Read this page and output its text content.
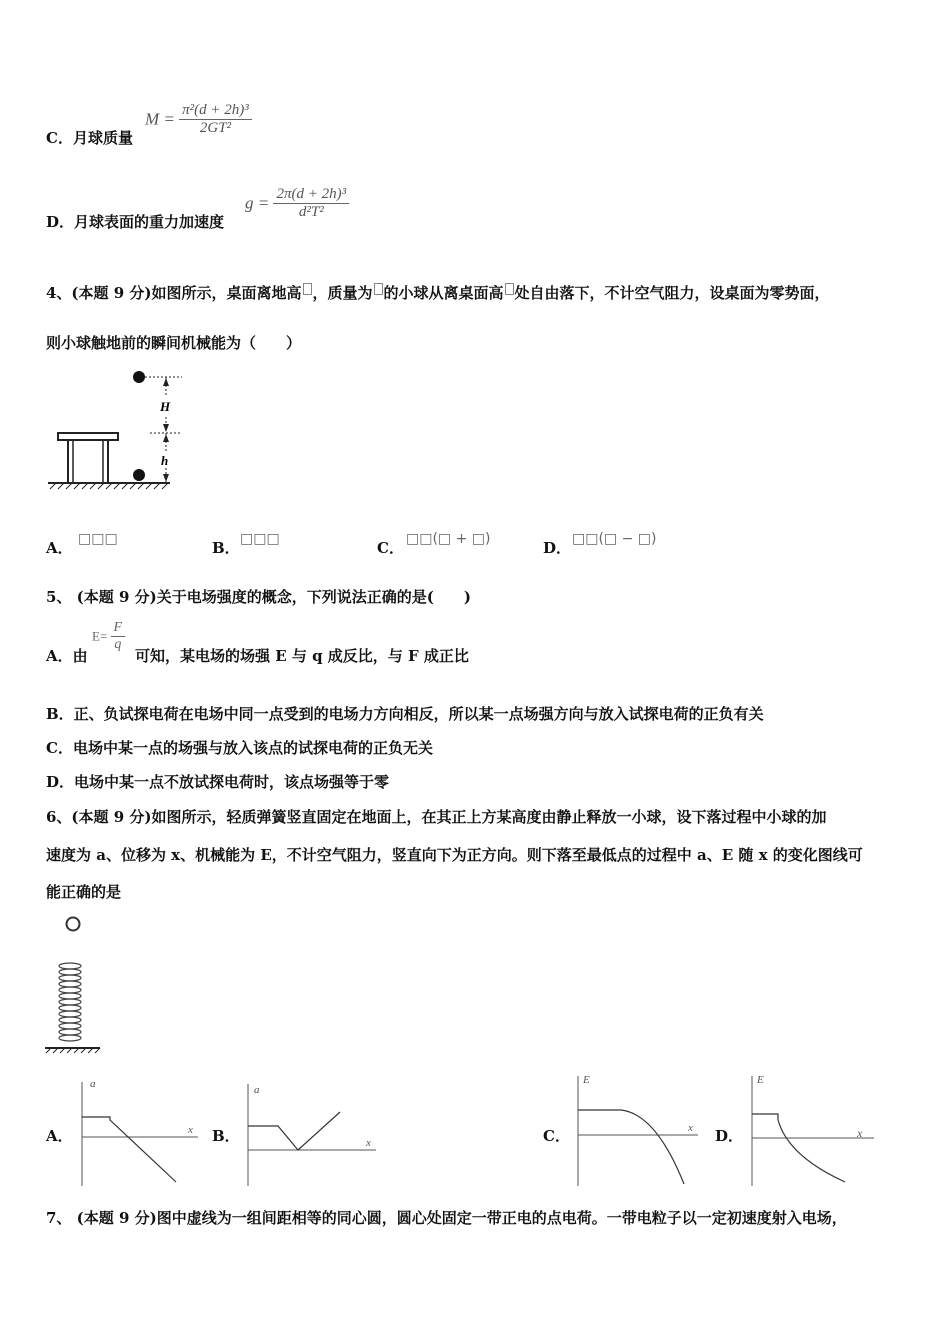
C．月球质量
$M = \frac{\text{π²(d + 2h)³}}{\text{2GT²}}$
D．月球表面的重力加速度
$g = \frac{\text{2π(d + 2h)³}}{\text{d²T²}}$
4、(本题 9 分)如图所示，桌面离地高 ，质量为 的小球从离桌面高 处自由落下，不计空气阻力，设桌面为零势面，
则小球触地前的瞬间机械能为（　　）
H
h
A． □□□	B． □□□	C． □□(□ + □)	D． □□(□ − □)
5、 (本题 9 分)关于电场强度的概念，下列说法正确的是(　　)
A．由
$E= \frac{F}{q}$
可知，某电场的场强 E 与 q 成反比，与 F 成正比
B．正、负试探电荷在电场中同一点受到的电场力方向相反，所以某一点场强方向与放入试探电荷的正负有关
C．电场中某一点的场强与放入该点的试探电荷的正负无关
D．电场中某一点不放试探电荷时，该点场强等于零
6、(本题 9 分)如图所示，轻质弹簧竖直固定在地面上，在其正上方某高度由静止释放一小球，设下落过程中小球的加
速度为 a、位移为 x、机械能为 E，不计空气阻力，竖直向下为正方向。则下落至最低点的过程中 a、E 随 x 的变化图线可
能正确的是
A．
a
x B．
a
x	C．
E
x D．
E
x
7、 (本题 9 分)图中虚线为一组间距相等的同心圆，圆心处固定一带正电的点电荷。一带电粒子以一定初速度射入电场，
